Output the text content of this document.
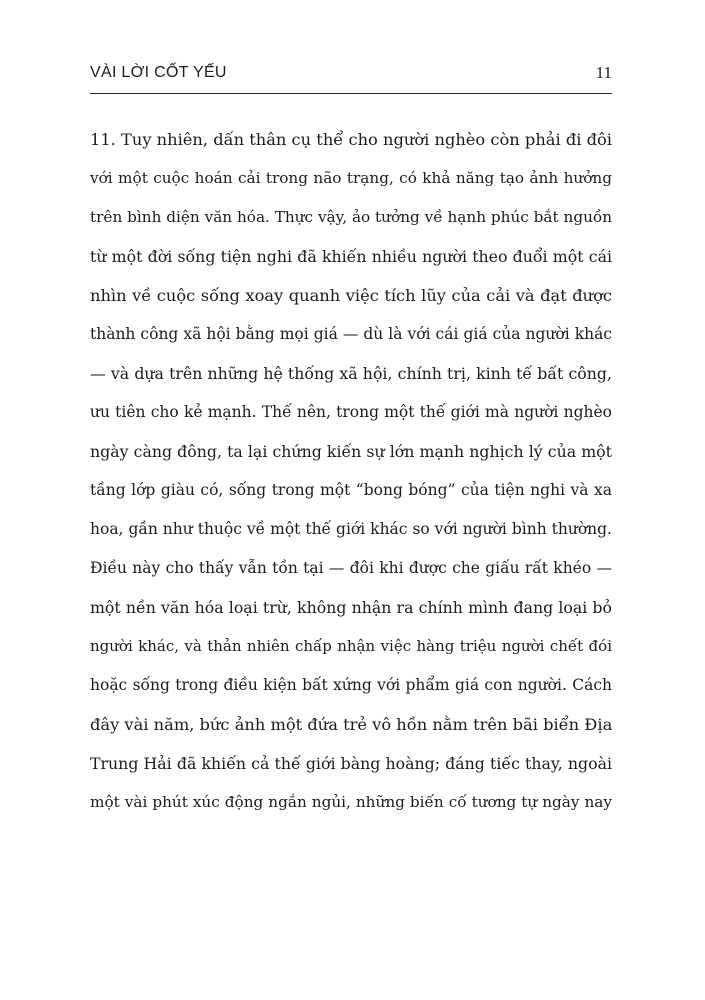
VÀI LỜI CỐT YẾU	11
11. Tuy nhiên, dấn thân cụ thể cho người nghèo còn phải đi đôi
với một cuộc hoán cải trong não trạng, có khả năng tạo ảnh hưởng
trên bình diện văn hóa. Thực vậy, ảo tưởng về hạnh phúc bắt nguồn
từ một đời sống tiện nghi đã khiến nhiều người theo đuổi một cái
nhìn về cuộc sống xoay quanh việc tích lũy của cải và đạt được
thành công xã hội bằng mọi giá — dù là với cái giá của người khác
— và dựa trên những hệ thống xã hội, chính trị, kinh tế bất công,
ưu tiên cho kẻ mạnh. Thế nên, trong một thế giới mà người nghèo
ngày càng đông, ta lại chứng kiến sự lớn mạnh nghịch lý của một
tầng lớp giàu có, sống trong một “bong bóng” của tiện nghi và xa
hoa, gần như thuộc về một thế giới khác so với người bình thường.
Điều này cho thấy vẫn tồn tại — đôi khi được che giấu rất khéo —
một nền văn hóa loại trừ, không nhận ra chính mình đang loại bỏ
người khác, và thản nhiên chấp nhận việc hàng triệu người chết đói
hoặc sống trong điều kiện bất xứng với phẩm giá con người. Cách
đây vài năm, bức ảnh một đứa trẻ vô hồn nằm trên bãi biển Địa
Trung Hải đã khiến cả thế giới bàng hoàng; đáng tiếc thay, ngoài
một vài phút xúc động ngắn ngủi, những biến cố tương tự ngày nay
